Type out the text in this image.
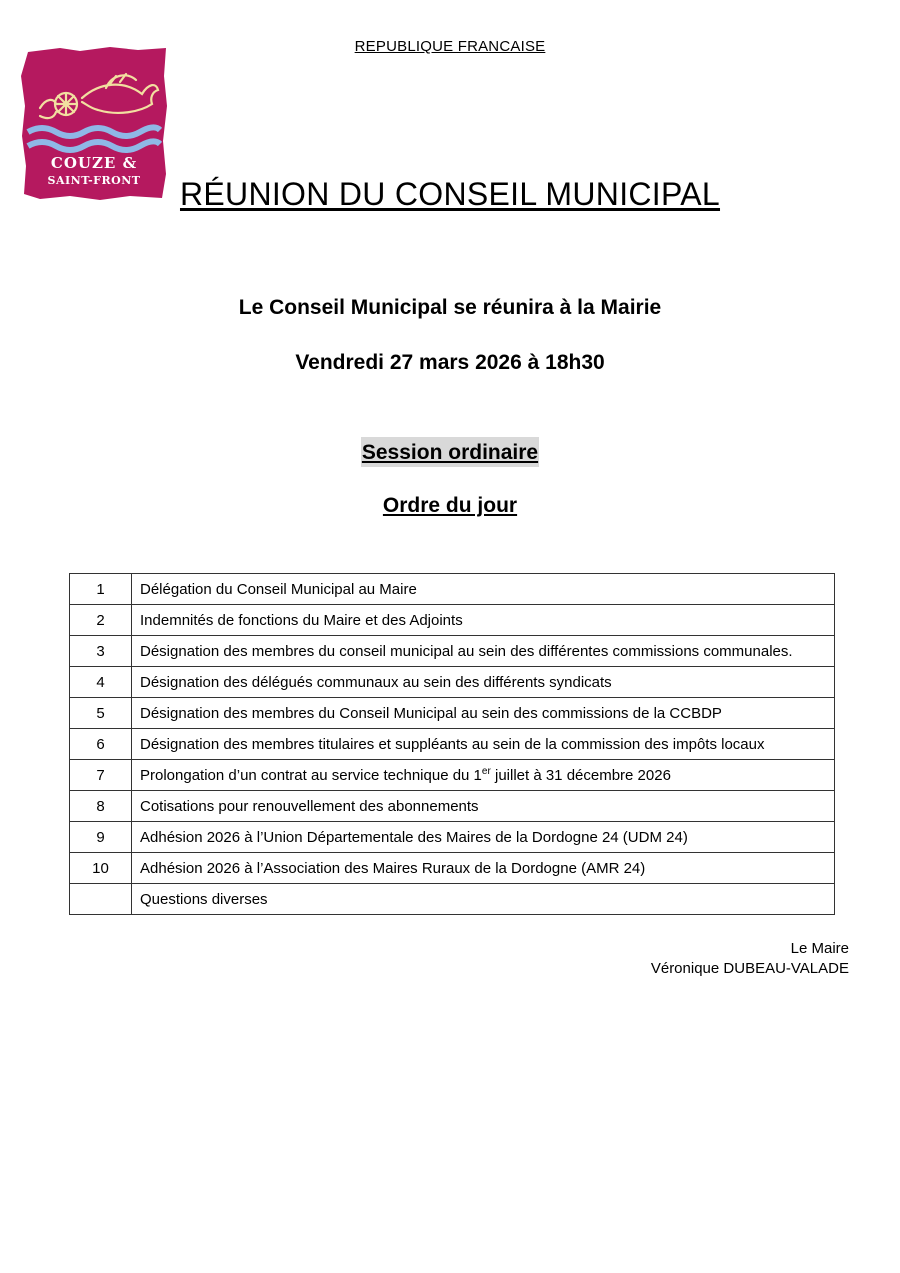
REPUBLIQUE FRANCAISE
COUZE &
SAINT-FRONT	RÉUNION DU CONSEIL MUNICIPAL
Le Conseil Municipal se réunira à la Mairie
Vendredi 27 mars 2026 à 18h30
Session ordinaire
Ordre du jour
1	Délégation du Conseil Municipal au Maire
2	Indemnités de fonctions du Maire et des Adjoints
3	Désignation des membres du conseil municipal au sein des différentes commissions communales.
4	Désignation des délégués communaux au sein des différents syndicats
5	Désignation des membres du Conseil Municipal au sein des commissions de la CCBDP
6	Désignation des membres titulaires et suppléants au sein de la commission des impôts locaux
7	Prolongation d’un contrat au service technique du 1er juillet à 31 décembre 2026
8	Cotisations pour renouvellement des abonnements
9	Adhésion 2026 à l’Union Départementale des Maires de la Dordogne 24 (UDM 24)
10	Adhésion 2026 à l’Association des Maires Ruraux de la Dordogne (AMR 24)
	Questions diverses
Le Maire
Véronique DUBEAU-VALADE
